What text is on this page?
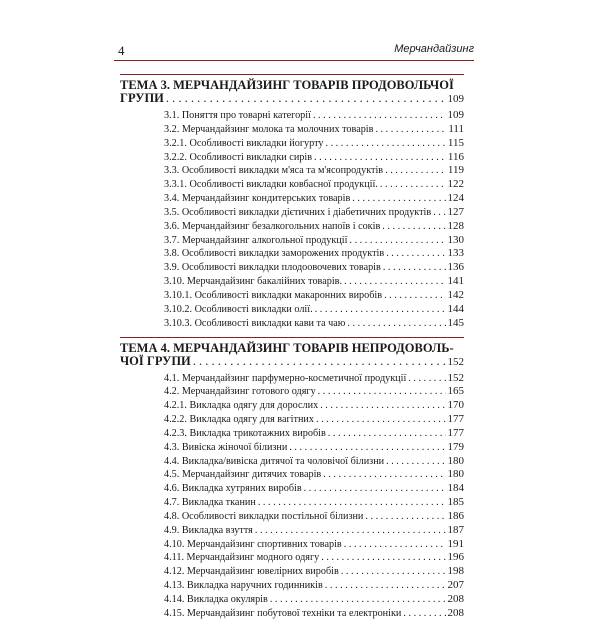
4	Мерчандайзинг
ТЕМА 3. МЕРЧАНДАЙЗИНГ ТОВАРІВ ПРОДОВОЛЬЧОЇ
ГРУПИ . . .	109
3.1. Поняття про товарні категорії . . .	109
3.2. Мерчандайзинг молока та молочних товарів . . .	111
3.2.1. Особливості викладки йогурту . . .	115
3.2.2. Особливості викладки сирів . . .	116
3.3. Особливості викладки м'яса та м'ясопродуктів . . .	119
3.3.1. Особливості викладки ковбасної продукції. . . .	122
3.4. Мерчандайзинг кондитерських товарів . . .	124
3.5. Особливості викладки дієтичних і діабетичних продуктів . . . 127
3.6. Мерчандайзинг безалкогольних напоїв і соків . . .	128
3.7. Мерчандайзинг алкогольної продукції . . .	130
3.8. Особливості викладки заморожених продуктів . . .	133
3.9. Особливості викладки плодоовочевих товарів . . .	136
3.10. Мерчандайзинг бакалійних товарів. . . .	141
3.10.1. Особливості викладки макаронних виробів . . .	142
3.10.2. Особливості викладки олії. . . .	144
3.10.3. Особливості викладки кави та чаю . . .	145
ТЕМА 4. МЕРЧАНДАЙЗИНГ ТОВАРІВ НЕПРОДОВОЛЬ-
ЧОЇ ГРУПИ . . .	152
4.1. Мерчандайзинг парфумерно-косметичної продукції . . .	152
4.2. Мерчандайзинг готового одягу . . .	165
4.2.1. Викладка одягу для дорослих . . .	170
4.2.2. Викладка одягу для вагітних . . .	177
4.2.3. Викладка трикотажних виробів . . .	177
4.3. Вивіска жіночої білизни . . .	179
4.4. Викладка/вивіска дитячої та чоловічої білизни . . .	180
4.5. Мерчандайзинг дитячих товарів . . .	180
4.6. Викладка хутряних виробів . . .	184
4.7. Викладка тканин . . .	185
4.8. Особливості викладки постільної білизни . . .	186
4.9. Викладка взуття . . .	187
4.10. Мерчандайзинг спортивних товарів . . .	191
4.11. Мерчандайзинг модного одягу . . .	196
4.12. Мерчандайзинг ювелірних виробів . . .	198
4.13. Викладка наручних годинників . . .	207
4.14. Викладка окулярів . . .	208
4.15. Мерчандайзинг побутової техніки та електроніки . . .	208
